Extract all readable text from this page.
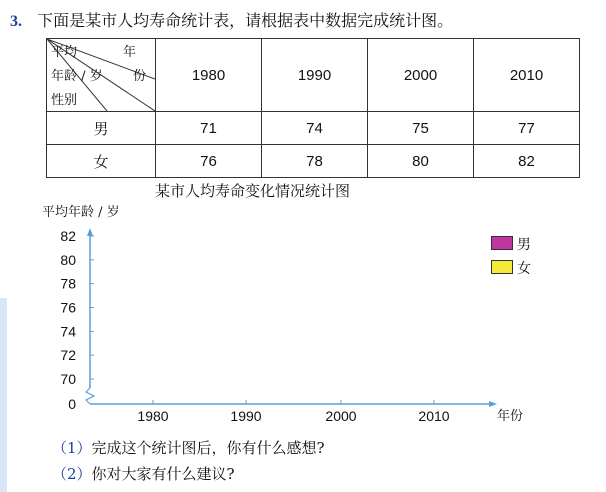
3. 下面是某市人均寿命统计表，请根据表中数据完成统计图。
平均 年
年龄 / 岁 份
性别	1980	1990	2000	2010
男	71	74	75	77
女	76	78	80	82
某市人均寿命变化情况统计图
平均年龄 / 岁
年份
0
70
72
74
76
78
80
82
1980	1990	2000	2010
男
女
（1）完成这个统计图后，你有什么感想?
（2）你对大家有什么建议?
